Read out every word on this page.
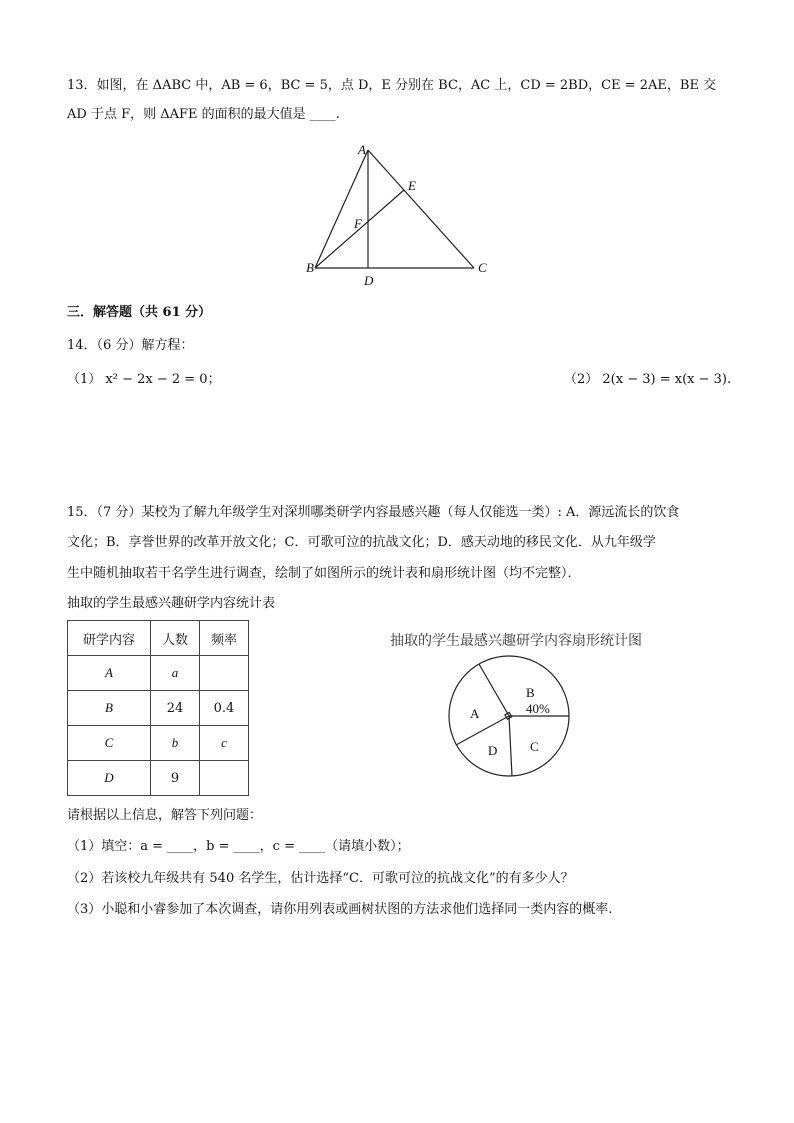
13．如图，在 ΔABC 中，AB = 6，BC = 5，点 D，E 分别在 BC，AC 上，CD = 2BD，CE = 2AE，BE 交
AD 于点 F，则 ΔAFE 的面积的最大值是 ____.
A
B	C
D
E
F
三．解答题（共 61 分）
14．（6 分）解方程：
（1） x² − 2x − 2 = 0；	（2） 2(x − 3) = x(x − 3).
15．（7 分）某校为了解九年级学生对深圳哪类研学内容最感兴趣（每人仅能选一类）: A．源远流长的饮食
文化；B．享誉世界的改革开放文化；C．可歌可泣的抗战文化；D．感天动地的移民文化．从九年级学
生中随机抽取若干名学生进行调查，绘制了如图所示的统计表和扇形统计图（均不完整）．
抽取的学生最感兴趣研学内容统计表
研学内容	人数	频率
A	a	
B	24	0.4
C	b	c
D	9	
抽取的学生最感兴趣研学内容扇形统计图
A
B
40%
C
D
请根据以上信息，解答下列问题：
（1）填空：a = ____，b = ____，c = ____（请填小数）；
（2）若该校九年级共有 540 名学生，估计选择“C．可歌可泣的抗战文化”的有多少人？
（3）小聪和小睿参加了本次调查，请你用列表或画树状图的方法求他们选择同一类内容的概率.
